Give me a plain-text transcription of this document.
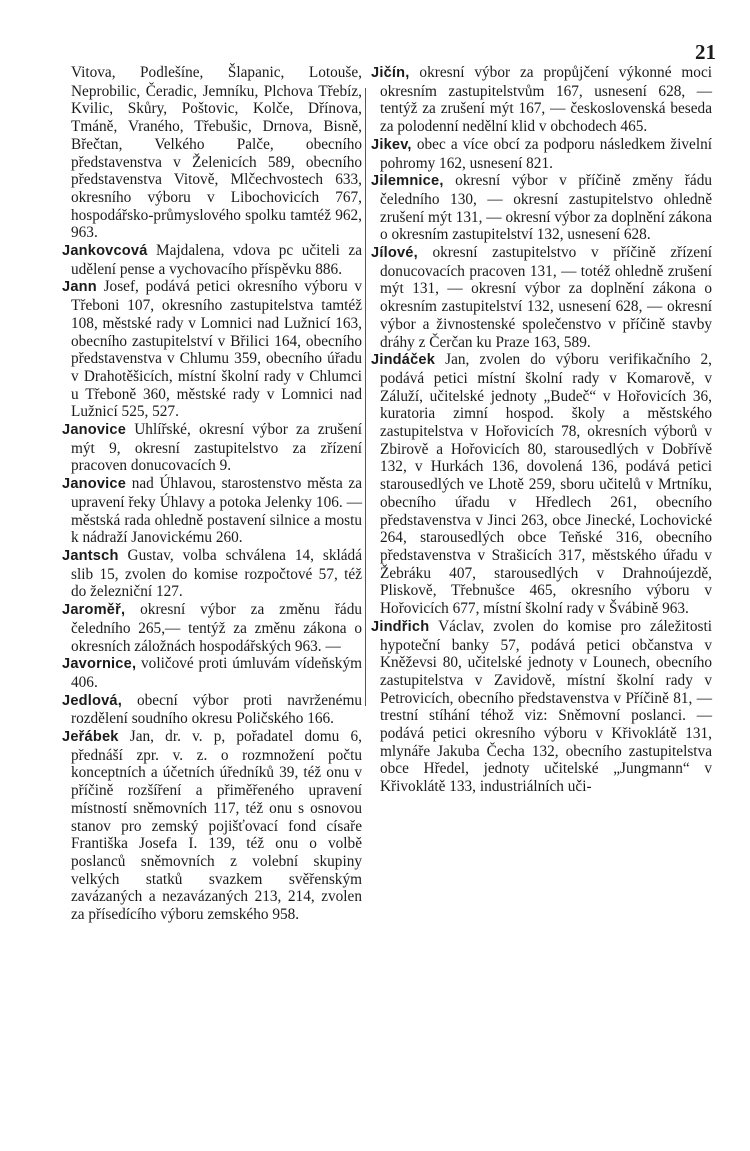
21

Vitova, Podlešíne, Šlapanic, Lotouše, Neprobilic, Čeradic, Jemníku, Plchova Třebíz, Kvilic, Skůry, Poštovic, Kolče, Dřínova, Tmáně, Vraného, Třebušic, Drnova, Bisně, Břečtan, Velkého Palče, obecního představenstva v Želenicích 589, obecního představenstva Vitově, Mlčechvostech 633, okresního výboru v Libochovicích 767, hospodářsko-průmyslového spolku tamtéž 962, 963.

Jankovcová Majdalena, vdova pc učiteli za udělení pense a vychovacího příspěvku 886.

Jann Josef, podává petici okresního výboru v Třeboni 107, okresního zastupitelstva tamtéž 108, městské rady v Lomnici nad Lužnicí 163, obecního zastupitelství v Břilici 164, obecního představenstva v Chlumu 359, obecního úřadu v Drahotěšicích, místní školní rady v Chlumci u Třeboně 360, městské rady v Lomnici nad Lužnicí 525, 527.

Janovice Uhlířské, okresní výbor za zrušení mýt 9, okresní zastupitelstvo za zřízení pracoven donucovacích 9.

Janovice nad Úhlavou, starostenstvo města za upravení řeky Úhlavy a potoka Jelenky 106. — městská rada ohledně postavení silnice a mostu k nádraží Janovickému 260.

Jantsch Gustav, volba schválena 14, skládá slib 15, zvolen do komise rozpočtové 57, též do železniční 127.

Jaroměř, okresní výbor za změnu řádu čeledního 265,— tentýž za změnu zákona o okresních záložnách hospodářských 963. —

Javornice, voličové proti úmluvám vídeňským 406.

Jedlová, obecní výbor proti navrženému rozdělení soudního okresu Poličského 166.

Jeřábek Jan, dr. v. p, pořadatel domu 6, přednáší zpr. v. z. o rozmnožení počtu konceptních a účetních úředníků 39, též onu v příčině rozšíření a přiměřeného upravení místností sněmovních 117, též onu s osnovou stanov pro zemský pojišťovací fond císaře Františka Josefa I. 139, též onu o volbě poslanců sněmovních z volební skupiny velkých statků svazkem svěřenským zavázaných a nezavázaných 213, 214, zvolen za přísedícího výboru zemského 958.

Jičín, okresní výbor za propůjčení výkonné moci okresním zastupitelstvům 167, usnesení 628, — tentýž za zrušení mýt 167, — československá beseda za polodenní nedělní klid v obchodech 465.

Jikev, obec a více obcí za podporu následkem živelní pohromy 162, usnesení 821.

Jilemnice, okresní výbor v příčině změny řádu čeledního 130, — okresní zastupitelstvo ohledně zrušení mýt 131, — okresní výbor za doplnění zákona o okresním zastupitelství 132, usnesení 628.

Jílové, okresní zastupitelstvo v příčině zřízení donucovacích pracoven 131, — totéž ohledně zrušení mýt 131, — okresní výbor za doplnění zákona o okresním zastupitelství 132, usnesení 628, — okresní výbor a živnostenské společenstvo v příčině stavby dráhy z Čerčan ku Praze 163, 589.

Jindáček Jan, zvolen do výboru verifikačního 2, podává petici místní školní rady v Komarově, v Záluží, učitelské jednoty „Budeč“ v Hořovicích 36, kuratoria zimní hospod. školy a městského zastupitelstva v Hořovicích 78, okresních výborů v Zbirově a Hořovicích 80, starousedlých v Dobřívě 132, v Hurkách 136, dovolená 136, podává petici starousedlých ve Lhotě 259, sboru učitelů v Mrtníku, obecního úřadu v Hředlech 261, obecního představenstva v Jinci 263, obce Jinecké, Lochovické 264, starousedlých obce Teňské 316, obecního představenstva v Strašicích 317, městského úřadu v Žebráku 407, starousedlých v Drahnoújezdě, Pliskově, Třebnušce 465, okresního výboru v Hořovicích 677, místní školní rady v Švábině 963.

Jindřich Václav, zvolen do komise pro záležitosti hypoteční banky 57, podává petici občanstva v Kněževsi 80, učitelské jednoty v Lounech, obecního zastupitelstva v Zavidově, místní školní rady v Petrovicích, obecního představenstva v Příčině 81, — trestní stíhání téhož viz: Sněmovní poslanci. — podává petici okresního výboru v Křivoklátě 131, mlynáře Jakuba Čecha 132, obecního zastupitelstva obce Hředel, jednoty učitelské „Jungmann“ v Křivoklátě 133, industriálních uči-
